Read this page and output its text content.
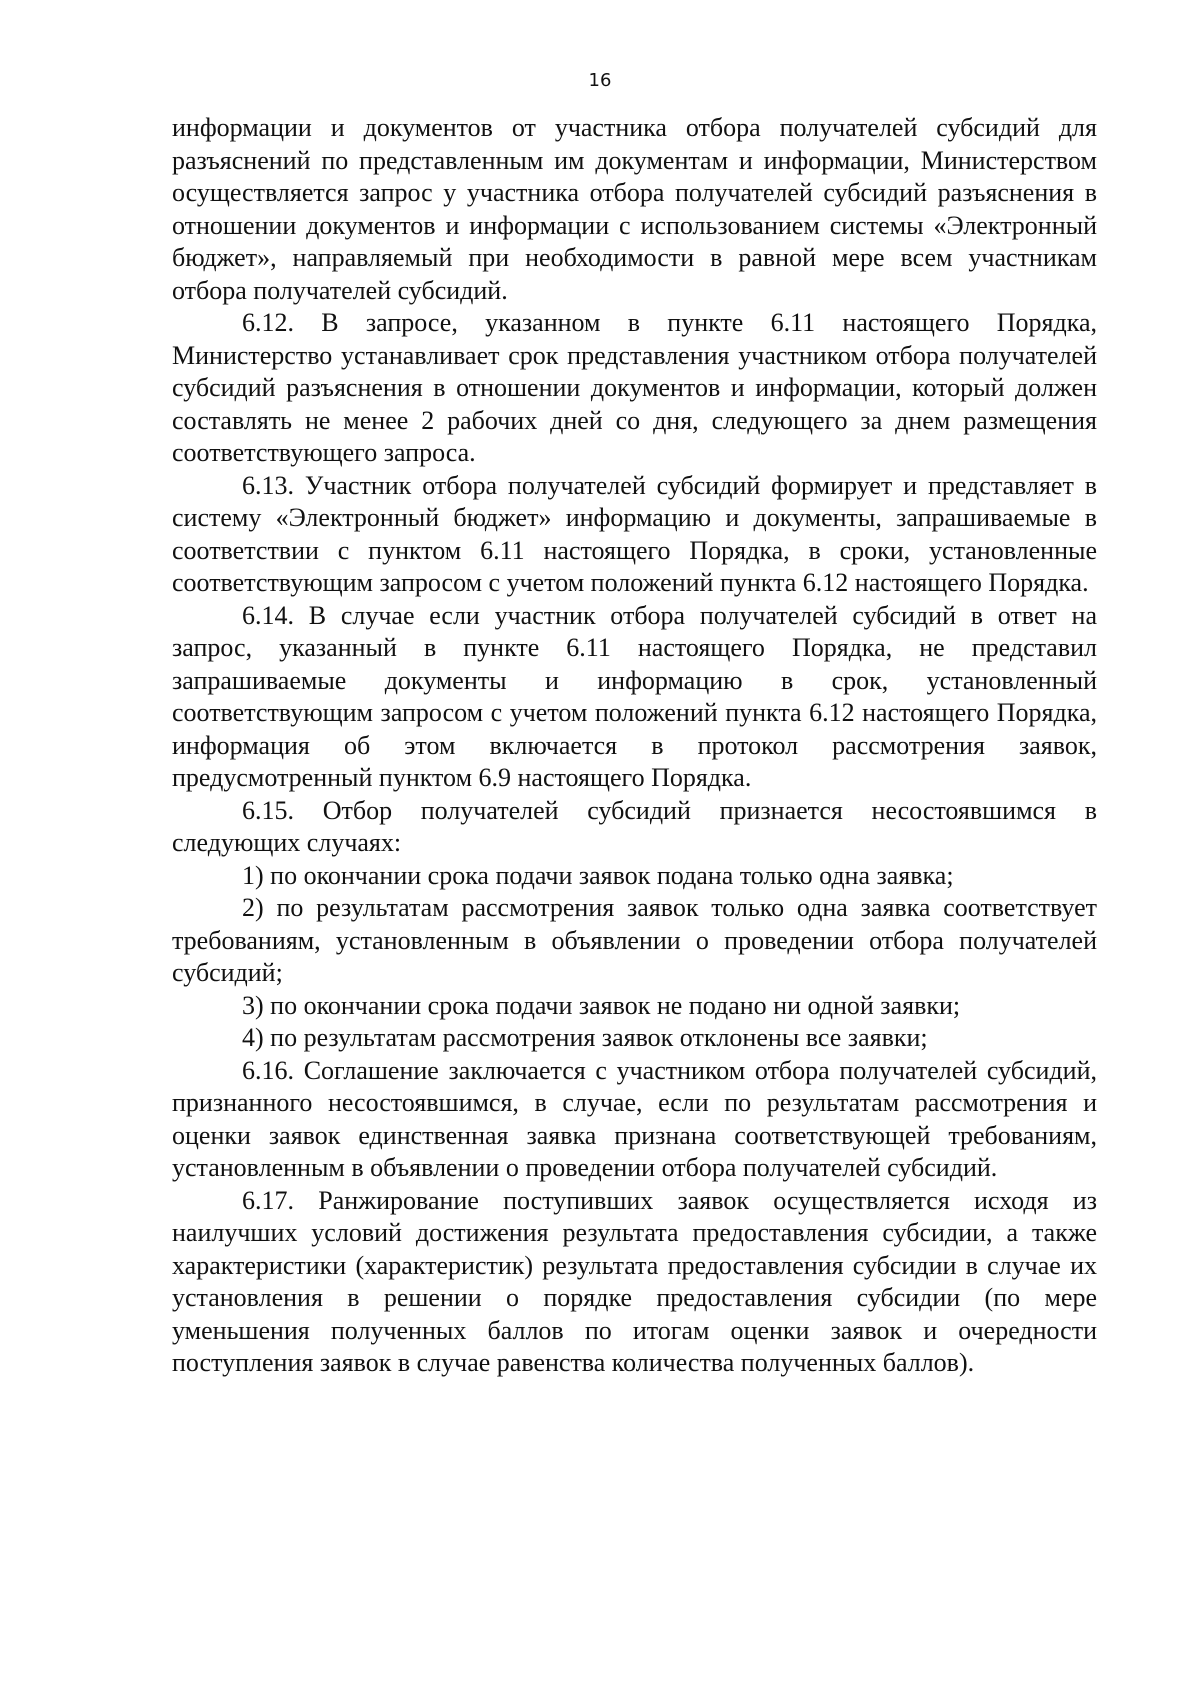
16

информации и документов от участника отбора получателей субсидий для разъяснений по представленным им документам и информации, Министерством осуществляется запрос у участника отбора получателей субсидий разъяснения в отношении документов и информации с использованием системы «Электронный бюджет», направляемый при необходимости в равной мере всем участникам отбора получателей субсидий.

6.12. В запросе, указанном в пункте 6.11 настоящего Порядка, Министерство устанавливает срок представления участником отбора получателей субсидий разъяснения в отношении документов и информации, который должен составлять не менее 2 рабочих дней со дня, следующего за днем размещения соответствующего запроса.

6.13. Участник отбора получателей субсидий формирует и представляет в систему «Электронный бюджет» информацию и документы, запрашиваемые в соответствии с пунктом 6.11 настоящего Порядка, в сроки, установленные соответствующим запросом с учетом положений пункта 6.12 настоящего Порядка.

6.14. В случае если участник отбора получателей субсидий в ответ на запрос, указанный в пункте 6.11 настоящего Порядка, не представил запрашиваемые документы и информацию в срок, установленный соответствующим запросом с учетом положений пункта 6.12 настоящего Порядка, информация об этом включается в протокол рассмотрения заявок, предусмотренный пунктом 6.9 настоящего Порядка.

6.15. Отбор получателей субсидий признается несостоявшимся в следующих случаях:

1) по окончании срока подачи заявок подана только одна заявка;

2) по результатам рассмотрения заявок только одна заявка соответствует требованиям, установленным в объявлении о проведении отбора получателей субсидий;

3) по окончании срока подачи заявок не подано ни одной заявки;

4) по результатам рассмотрения заявок отклонены все заявки;

6.16. Соглашение заключается с участником отбора получателей субсидий, признанного несостоявшимся, в случае, если по результатам рассмотрения и оценки заявок единственная заявка признана соответствующей требованиям, установленным в объявлении о проведении отбора получателей субсидий.

6.17. Ранжирование поступивших заявок осуществляется исходя из наилучших условий достижения результата предоставления субсидии, а также характеристики (характеристик) результата предоставления субсидии в случае их установления в решении о порядке предоставления субсидии (по мере уменьшения полученных баллов по итогам оценки заявок и очередности поступления заявок в случае равенства количества полученных баллов).
